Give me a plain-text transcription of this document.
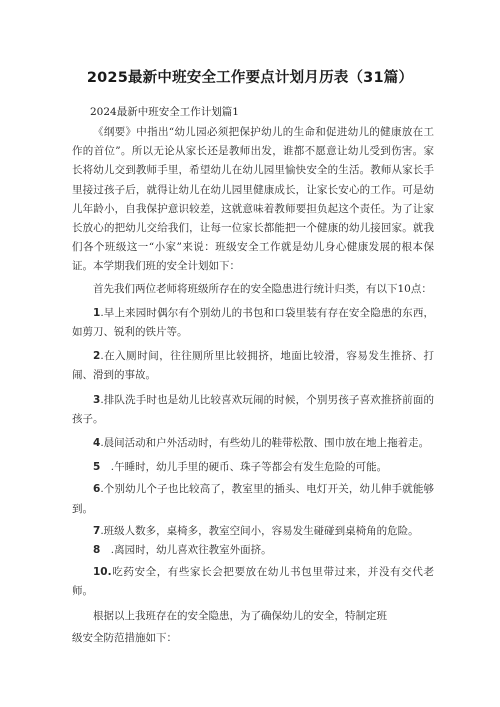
2025最新中班安全工作要点计划月历表（31篇）
2024最新中班安全工作计划篇1

《纲要》中指出“幼儿园必须把保护幼儿的生命和促进幼儿的健康放在工作的首位”。所以无论从家长还是教师出发，谁都不愿意让幼儿受到伤害。家长将幼儿交到教师手里，希望幼儿在幼儿园里愉快安全的生活。教师从家长手里接过孩子后，就得让幼儿在幼儿园里健康成长，让家长安心的工作。可是幼儿年龄小，自我保护意识较差，这就意味着教师要担负起这个责任。为了让家长放心的把幼儿交给我们，让每一位家长都能把一个健康的幼儿接回家。就我们各个班级这一“小家”来说：班级安全工作就是幼儿身心健康发展的根本保证。本学期我们班的安全计划如下：

首先我们两位老师将班级所存在的安全隐患进行统计归类，有以下10点：

1.早上来园时偶尔有个别幼儿的书包和口袋里装有存在安全隐患的东西，如剪刀、锐利的铁片等。

2.在入厕时间，往往厕所里比较拥挤，地面比较滑，容易发生推挤、打闹、滑到的事故。

3.排队洗手时也是幼儿比较喜欢玩闹的时候，个别男孩子喜欢推挤前面的孩子。

4.晨间活动和户外活动时，有些幼儿的鞋带松散、围巾放在地上拖着走。

5　.午睡时，幼儿手里的硬币、珠子等都会有发生危险的可能。

6.个别幼儿个子也比较高了，教室里的插头、电灯开关，幼儿伸手就能够到。

7.班级人数多，桌椅多，教室空间小，容易发生碰碰到桌椅角的危险。

8　.离园时，幼儿喜欢往教室外面挤。

10.吃药安全，有些家长会把要放在幼儿书包里带过来，并没有交代老师。

根据以上我班存在的安全隐患，为了确保幼儿的安全，特制定班

级安全防范措施如下：
